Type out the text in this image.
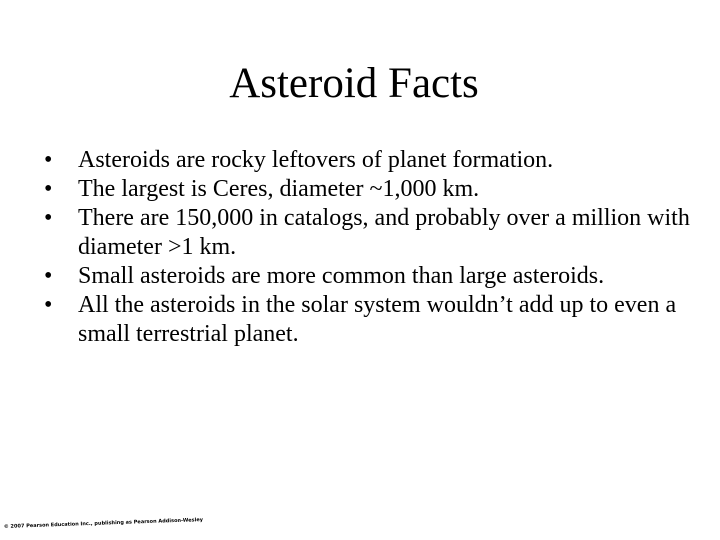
Asteroid Facts
•	Asteroids are rocky leftovers of planet formation.
•	The largest is Ceres, diameter ~1,000 km.
•	There are 150,000 in catalogs, and probably over a million with diameter >1 km.
•	Small asteroids are more common than large asteroids.
•	All the asteroids in the solar system wouldn’t add up to even a small terrestrial planet.
© 2007 Pearson Education Inc., publishing as Pearson Addison-Wesley
